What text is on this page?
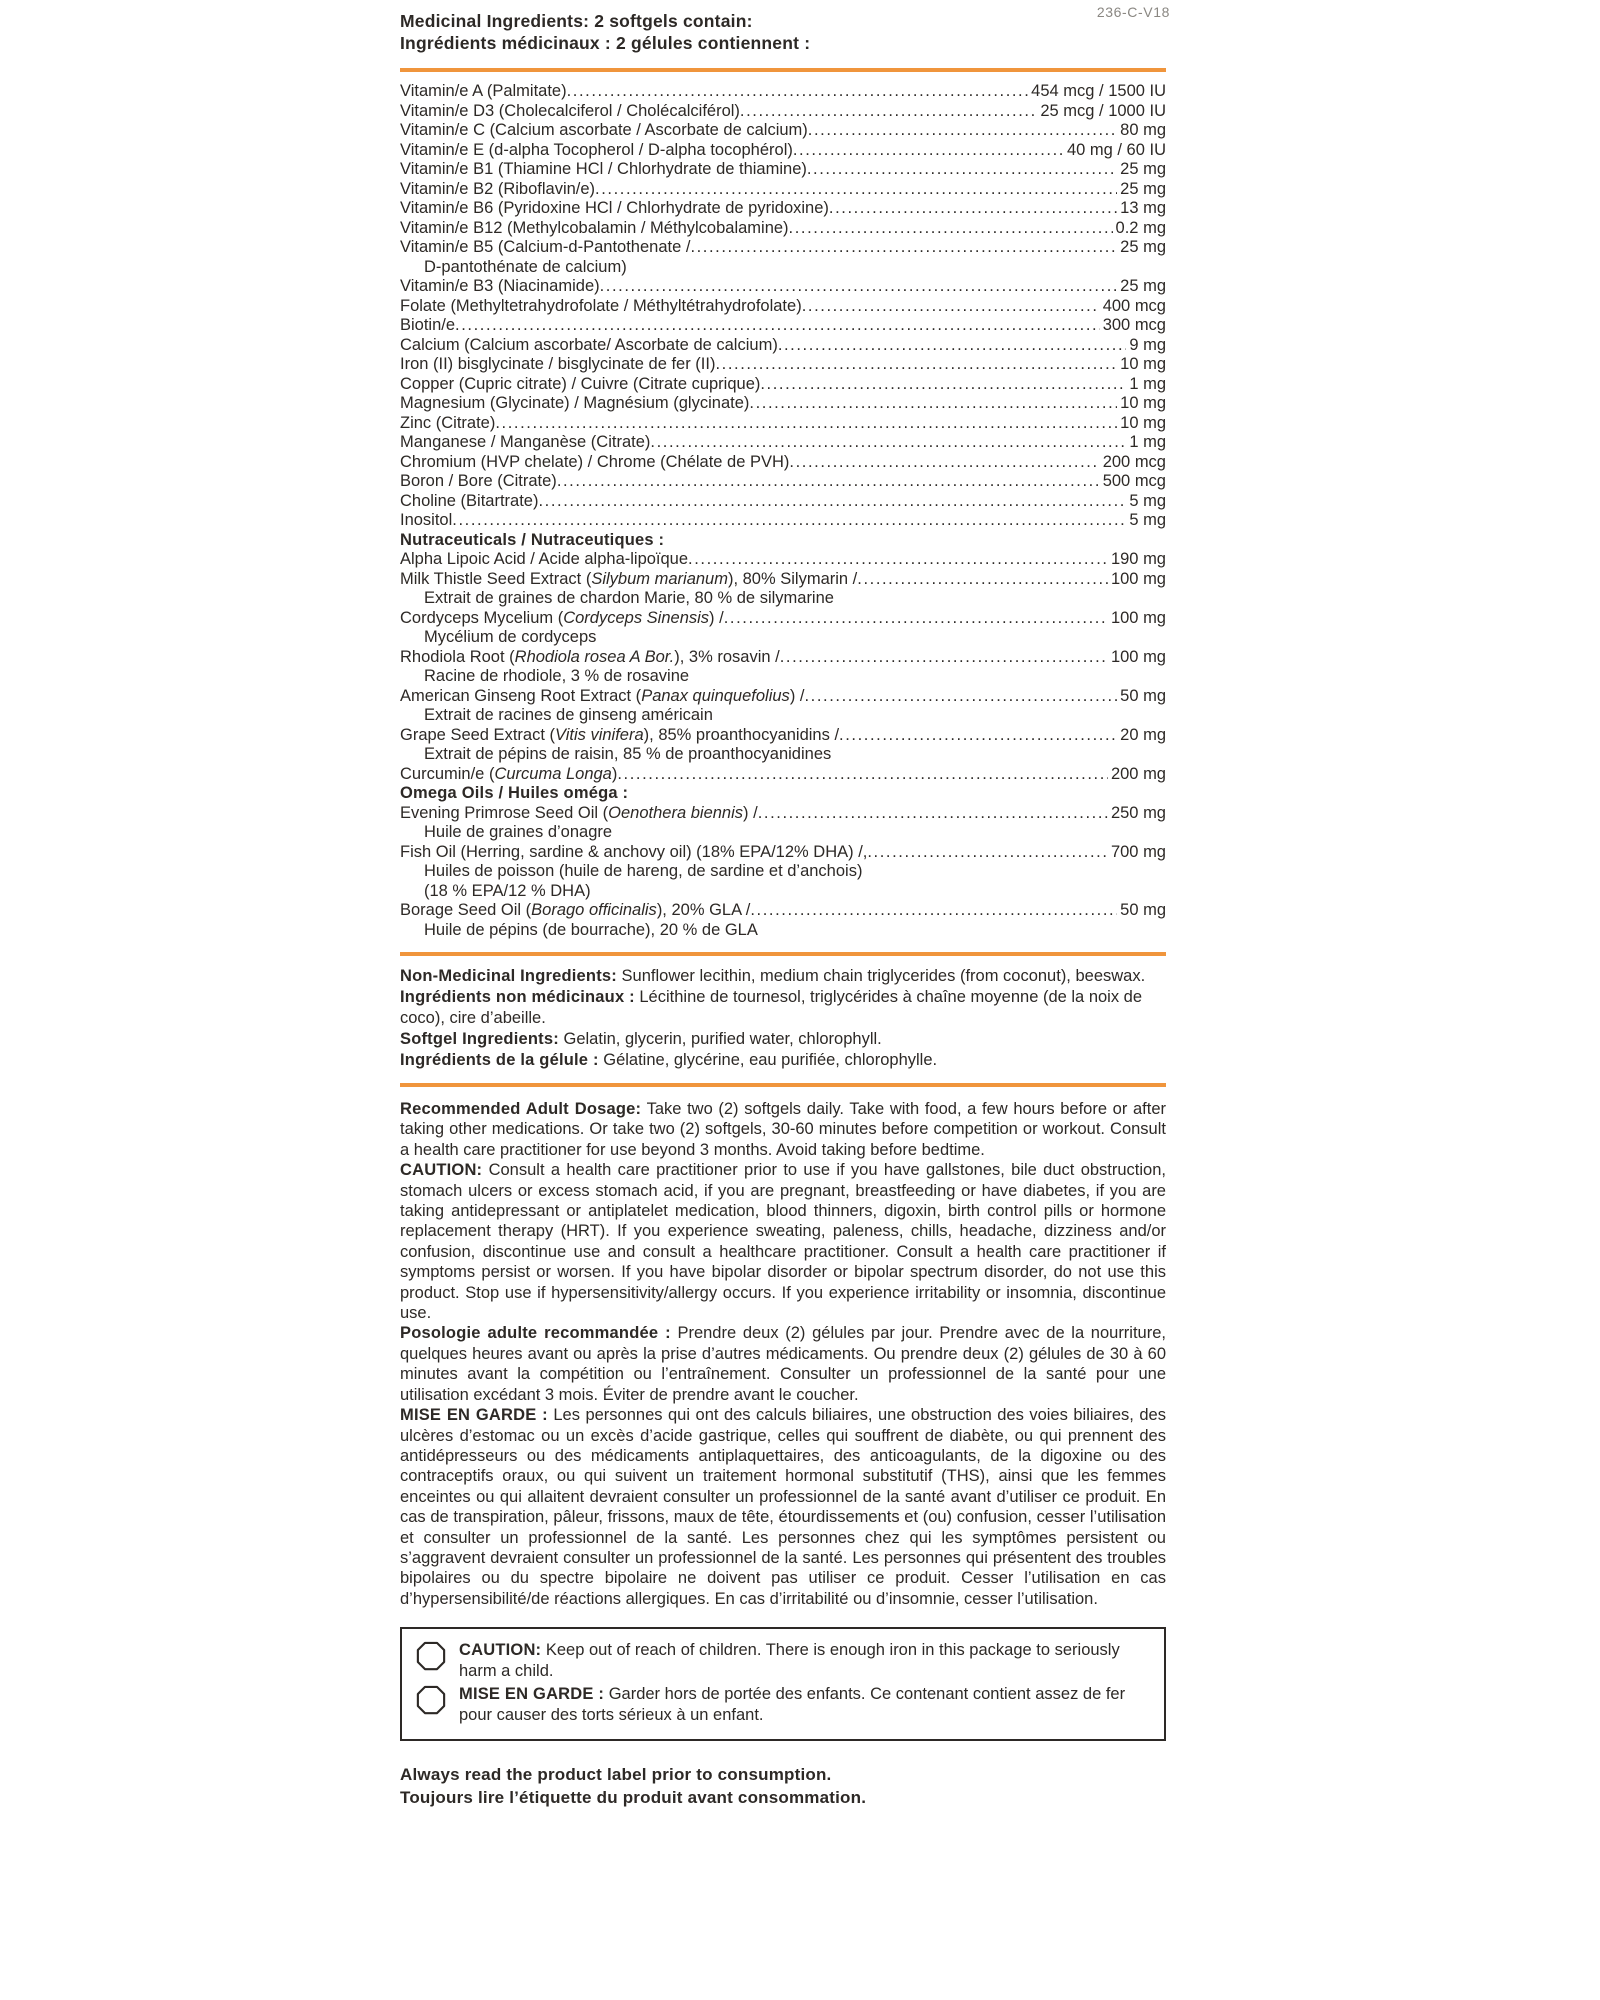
236-C-V18
Medicinal Ingredients: 2 softgels contain:
Ingrédients médicinaux : 2 gélules contiennent :
Vitamin/e A (Palmitate) .....	454 mcg / 1500 IU
Vitamin/e D3 (Cholecalciferol / Cholécalciférol) .....	25 mcg / 1000 IU
Vitamin/e C (Calcium ascorbate / Ascorbate de calcium) .....	80 mg
Vitamin/e E (d-alpha Tocopherol / D-alpha tocophérol) .....	40 mg / 60 IU
Vitamin/e B1 (Thiamine HCl / Chlorhydrate de thiamine) .....	25 mg
Vitamin/e B2 (Riboflavin/e) .....	25 mg
Vitamin/e B6 (Pyridoxine HCl / Chlorhydrate de pyridoxine) .....	13 mg
Vitamin/e B12 (Methylcobalamin / Méthylcobalamine) .....	0.2 mg
Vitamin/e B5 (Calcium-d-Pantothenate / .....	25 mg
D-pantothénate de calcium)
Vitamin/e B3 (Niacinamide) .....	25 mg
Folate (Methyltetrahydrofolate / Méthyltétrahydrofolate) .....	400 mcg
Biotin/e .....	300 mcg
Calcium (Calcium ascorbate/ Ascorbate de calcium) .....	9 mg
Iron (II) bisglycinate / bisglycinate de fer (II) .....	10 mg
Copper (Cupric citrate) / Cuivre (Citrate cuprique) .....	1 mg
Magnesium (Glycinate) / Magnésium (glycinate) .....	10 mg
Zinc (Citrate) .....	10 mg
Manganese / Manganèse (Citrate) .....	1 mg
Chromium (HVP chelate) / Chrome (Chélate de PVH) .....	200 mcg
Boron / Bore (Citrate) .....	500 mcg
Choline (Bitartrate) .....	5 mg
Inositol .....	5 mg
Nutraceuticals / Nutraceutiques :
Alpha Lipoic Acid / Acide alpha-lipoïque .....	190 mg
Milk Thistle Seed Extract (Silybum marianum), 80% Silymarin / .....	100 mg
Extrait de graines de chardon Marie, 80 % de silymarine
Cordyceps Mycelium (Cordyceps Sinensis) / .....	100 mg
Mycélium de cordyceps
Rhodiola Root (Rhodiola rosea A Bor.), 3% rosavin / .....	100 mg
Racine de rhodiole, 3 % de rosavine
American Ginseng Root Extract (Panax quinquefolius) / .....	50 mg
Extrait de racines de ginseng américain
Grape Seed Extract (Vitis vinifera), 85% proanthocyanidins / .....	20 mg
Extrait de pépins de raisin, 85 % de proanthocyanidines
Curcumin/e (Curcuma Longa) .....	200 mg
Omega Oils / Huiles oméga :
Evening Primrose Seed Oil (Oenothera biennis) / .....	250 mg
Huile de graines d’onagre
Fish Oil (Herring, sardine & anchovy oil) (18% EPA/12% DHA) /, .....	700 mg
Huiles de poisson (huile de hareng, de sardine et d’anchois)
(18 % EPA/12 % DHA)
Borage Seed Oil (Borago officinalis), 20% GLA / .....	50 mg
Huile de pépins (de bourrache), 20 % de GLA

Non-Medicinal Ingredients: Sunflower lecithin, medium chain triglycerides (from coconut), beeswax.

Ingrédients non médicinaux : Lécithine de tournesol, triglycérides à chaîne moyenne (de la noix de coco), cire d’abeille.

Softgel Ingredients: Gelatin, glycerin, purified water, chlorophyll.

Ingrédients de la gélule : Gélatine, glycérine, eau purifiée, chlorophylle.

Recommended Adult Dosage: Take two (2) softgels daily. Take with food, a few hours before or after taking other medications. Or take two (2) softgels, 30-60 minutes before competition or workout. Consult a health care practitioner for use beyond 3 months. Avoid taking before bedtime.

CAUTION: Consult a health care practitioner prior to use if you have gallstones, bile duct obstruction, stomach ulcers or excess stomach acid, if you are pregnant, breastfeeding or have diabetes, if you are taking antidepressant or antiplatelet medication, blood thinners, digoxin, birth control pills or hormone replacement therapy (HRT). If you experience sweating, paleness, chills, headache, dizziness and/or confusion, discontinue use and consult a healthcare practitioner. Consult a health care practitioner if symptoms persist or worsen. If you have bipolar disorder or bipolar spectrum disorder, do not use this product. Stop use if hypersensitivity/allergy occurs. If you experience irritability or insomnia, discontinue use.

Posologie adulte recommandée : Prendre deux (2) gélules par jour. Prendre avec de la nourriture, quelques heures avant ou après la prise d’autres médicaments. Ou prendre deux (2) gélules de 30 à 60 minutes avant la compétition ou l’entraînement. Consulter un professionnel de la santé pour une utilisation excédant 3 mois. Éviter de prendre avant le coucher.

MISE EN GARDE : Les personnes qui ont des calculs biliaires, une obstruction des voies biliaires, des ulcères d’estomac ou un excès d’acide gastrique, celles qui souffrent de diabète, ou qui prennent des antidépresseurs ou des médicaments antiplaquettaires, des anticoagulants, de la digoxine ou des contraceptifs oraux, ou qui suivent un traitement hormonal substitutif (THS), ainsi que les femmes enceintes ou qui allaitent devraient consulter un professionnel de la santé avant d’utiliser ce produit. En cas de transpiration, pâleur, frissons, maux de tête, étourdissements et (ou) confusion, cesser l’utilisation et consulter un professionnel de la santé. Les personnes chez qui les symptômes persistent ou s’aggravent devraient consulter un professionnel de la santé. Les personnes qui présentent des troubles bipolaires ou du spectre bipolaire ne doivent pas utiliser ce produit. Cesser l’utilisation en cas d’hypersensibilité/de réactions allergiques. En cas d’irritabilité ou d’insomnie, cesser l’utilisation.

CAUTION: Keep out of reach of children. There is enough iron in this package to seriously harm a child.

MISE EN GARDE : Garder hors de portée des enfants. Ce contenant contient assez de fer pour causer des torts sérieux à un enfant.

Always read the product label prior to consumption.
Toujours lire l’étiquette du produit avant consommation.
